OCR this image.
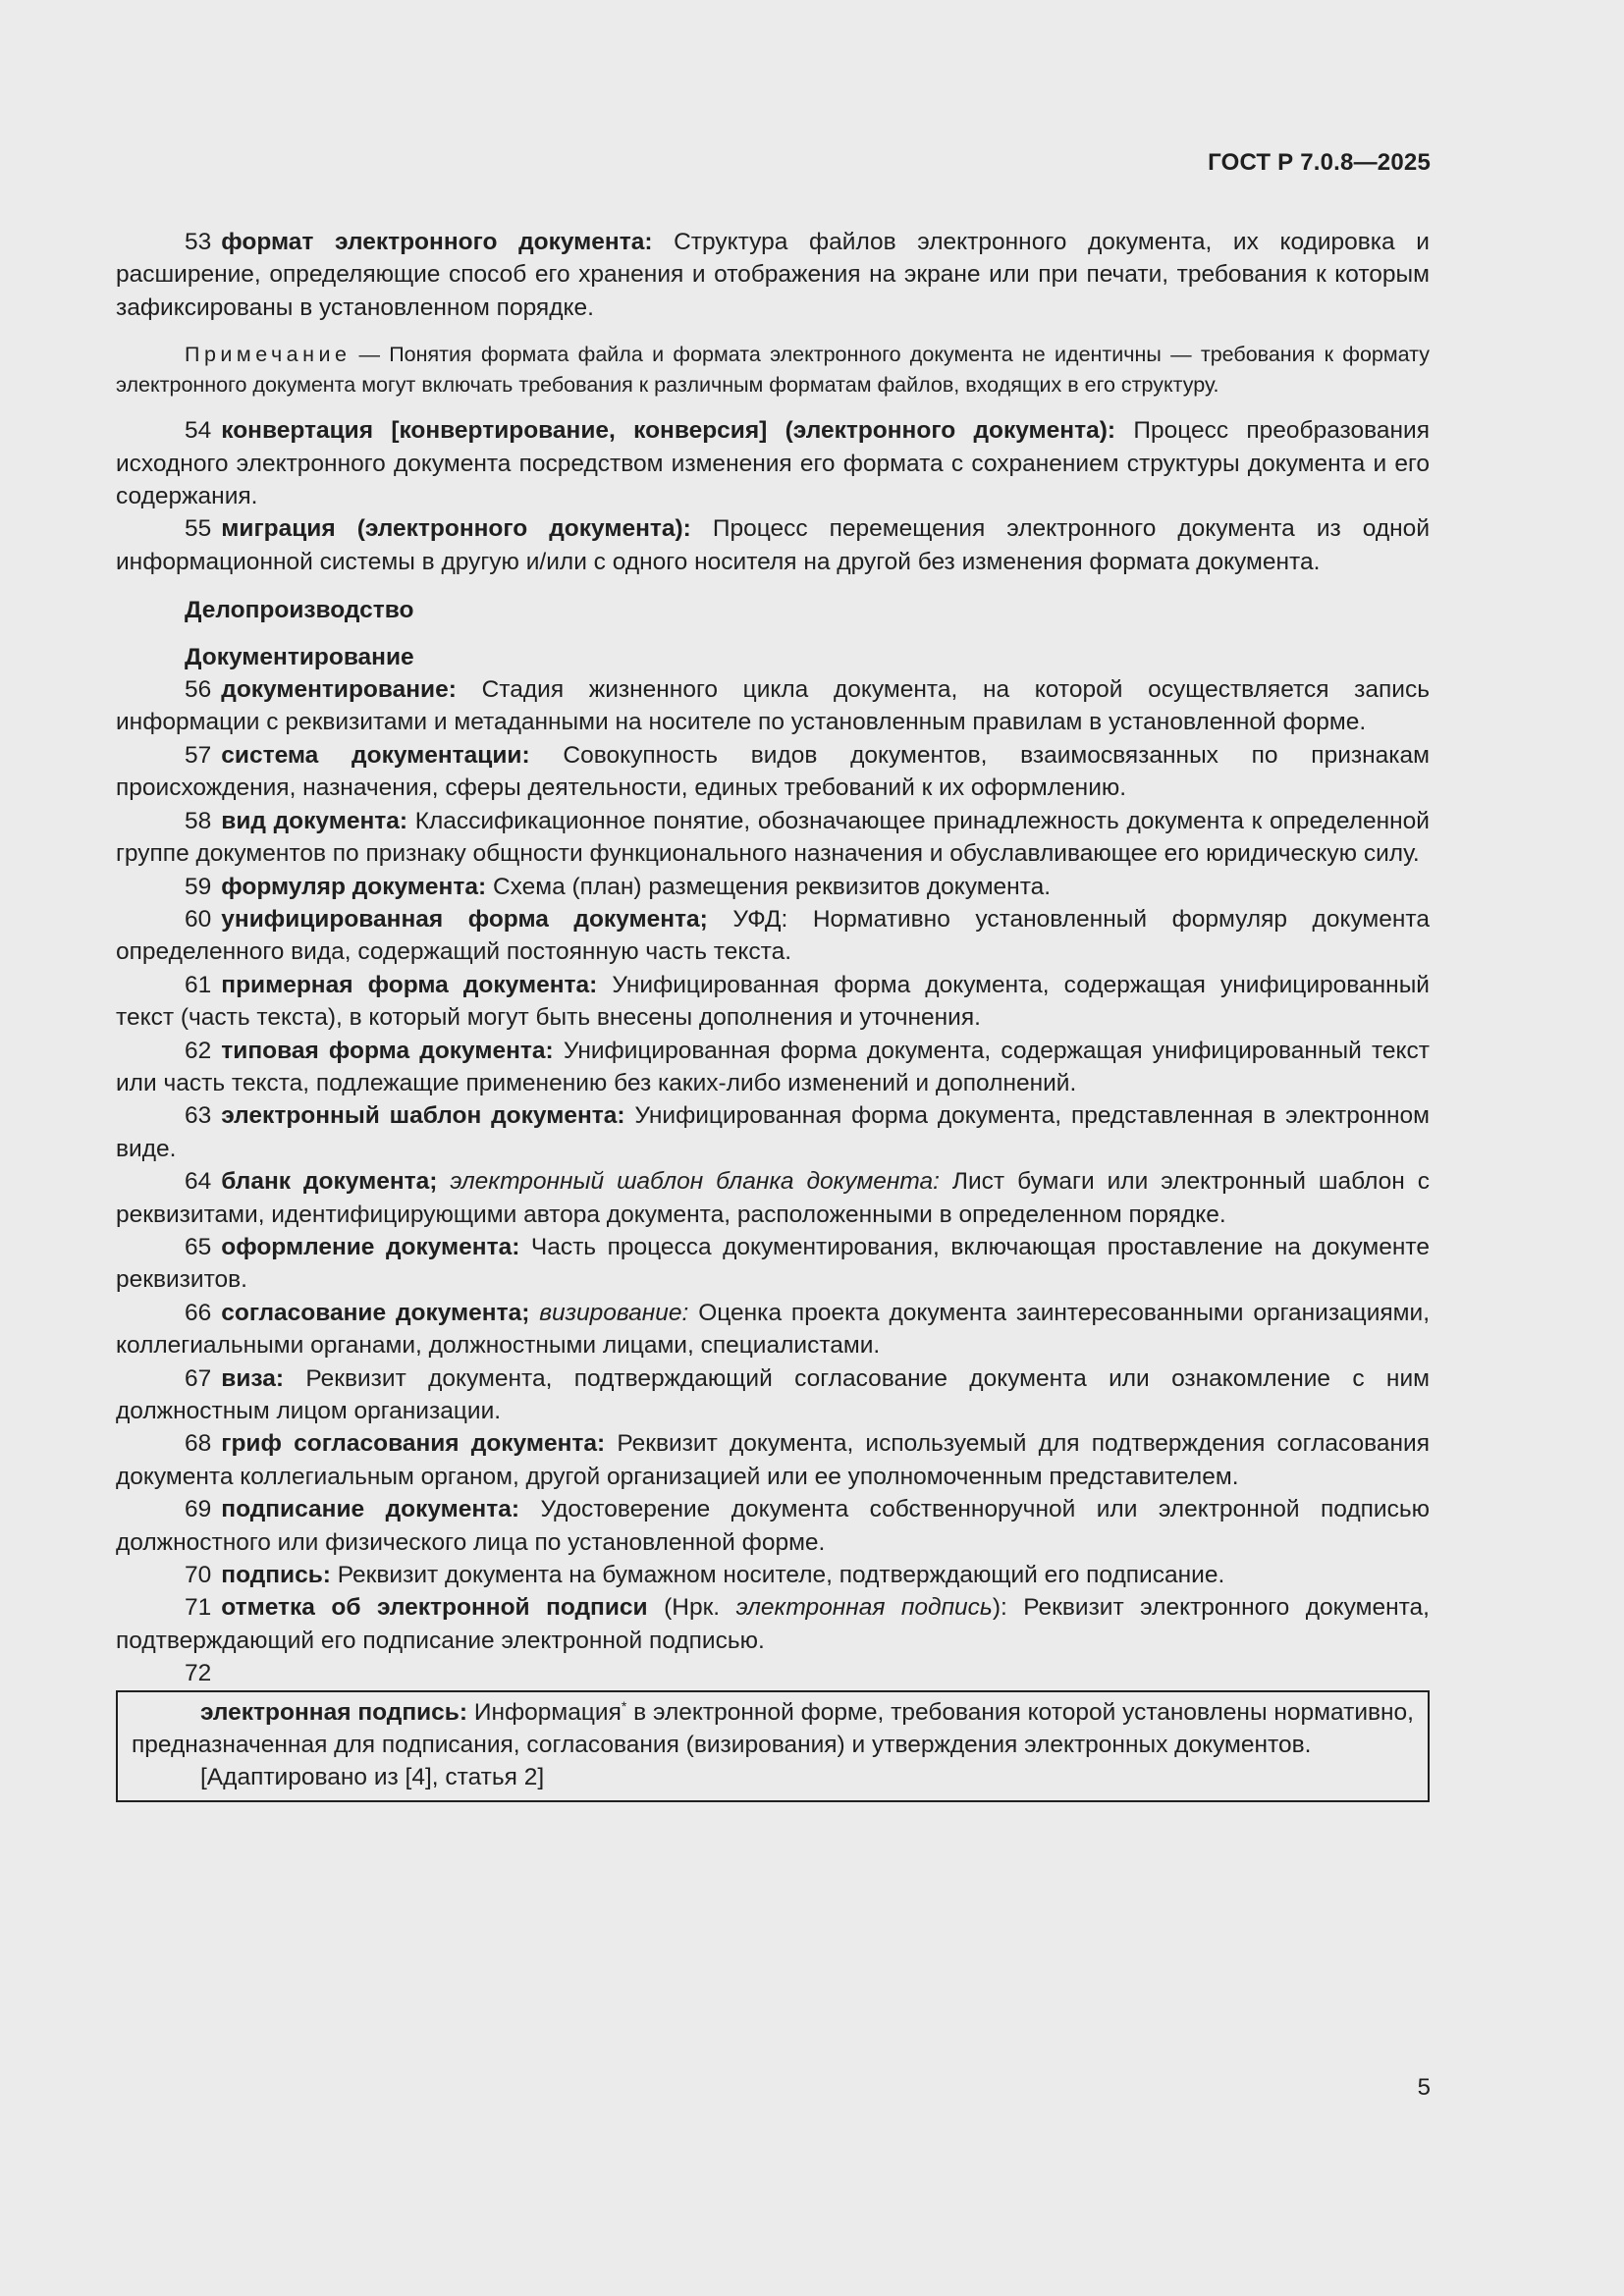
ГОСТ Р 7.0.8—2025

53 формат электронного документа: Структура файлов электронного документа, их кодировка и расширение, определяющие способ его хранения и отображения на экране или при печати, требования к которым зафиксированы в установленном порядке.

Примечание — Понятия формата файла и формата электронного документа не идентичны — требования к формату электронного документа могут включать требования к различным форматам файлов, входящих в его структуру.

54 конвертация [конвертирование, конверсия] (электронного документа): Процесс преобразования исходного электронного документа посредством изменения его формата с сохранением структуры документа и его содержания.

55 миграция (электронного документа): Процесс перемещения электронного документа из одной информационной системы в другую и/или с одного носителя на другой без изменения формата документа.

Делопроизводство

Документирование

56 документирование: Стадия жизненного цикла документа, на которой осуществляется запись информации с реквизитами и метаданными на носителе по установленным правилам в установленной форме.

57 система документации: Совокупность видов документов, взаимосвязанных по признакам происхождения, назначения, сферы деятельности, единых требований к их оформлению.

58 вид документа: Классификационное понятие, обозначающее принадлежность документа к определенной группе документов по признаку общности функционального назначения и обуславливающее его юридическую силу.

59 формуляр документа: Схема (план) размещения реквизитов документа.

60 унифицированная форма документа; УФД: Нормативно установленный формуляр документа определенного вида, содержащий постоянную часть текста.

61 примерная форма документа: Унифицированная форма документа, содержащая унифицированный текст (часть текста), в который могут быть внесены дополнения и уточнения.

62 типовая форма документа: Унифицированная форма документа, содержащая унифицированный текст или часть текста, подлежащие применению без каких-либо изменений и дополнений.

63 электронный шаблон документа: Унифицированная форма документа, представленная в электронном виде.

64 бланк документа; электронный шаблон бланка документа: Лист бумаги или электронный шаблон с реквизитами, идентифицирующими автора документа, расположенными в определенном порядке.

65 оформление документа: Часть процесса документирования, включающая проставление на документе реквизитов.

66 согласование документа; визирование: Оценка проекта документа заинтересованными организациями, коллегиальными органами, должностными лицами, специалистами.

67 виза: Реквизит документа, подтверждающий согласование документа или ознакомление с ним должностным лицом организации.

68 гриф согласования документа: Реквизит документа, используемый для подтверждения согласования документа коллегиальным органом, другой организацией или ее уполномоченным представителем.

69 подписание документа: Удостоверение документа собственноручной или электронной подписью должностного или физического лица по установленной форме.

70 подпись: Реквизит документа на бумажном носителе, подтверждающий его подписание.

71 отметка об электронной подписи (Нрк. электронная подпись): Реквизит электронного документа, подтверждающий его подписание электронной подписью.

72

электронная подпись: Информация* в электронной форме, требования которой установлены нормативно, предназначенная для подписания, согласования (визирования) и утверждения электронных документов.

[Адаптировано из [4], статья 2]

5
